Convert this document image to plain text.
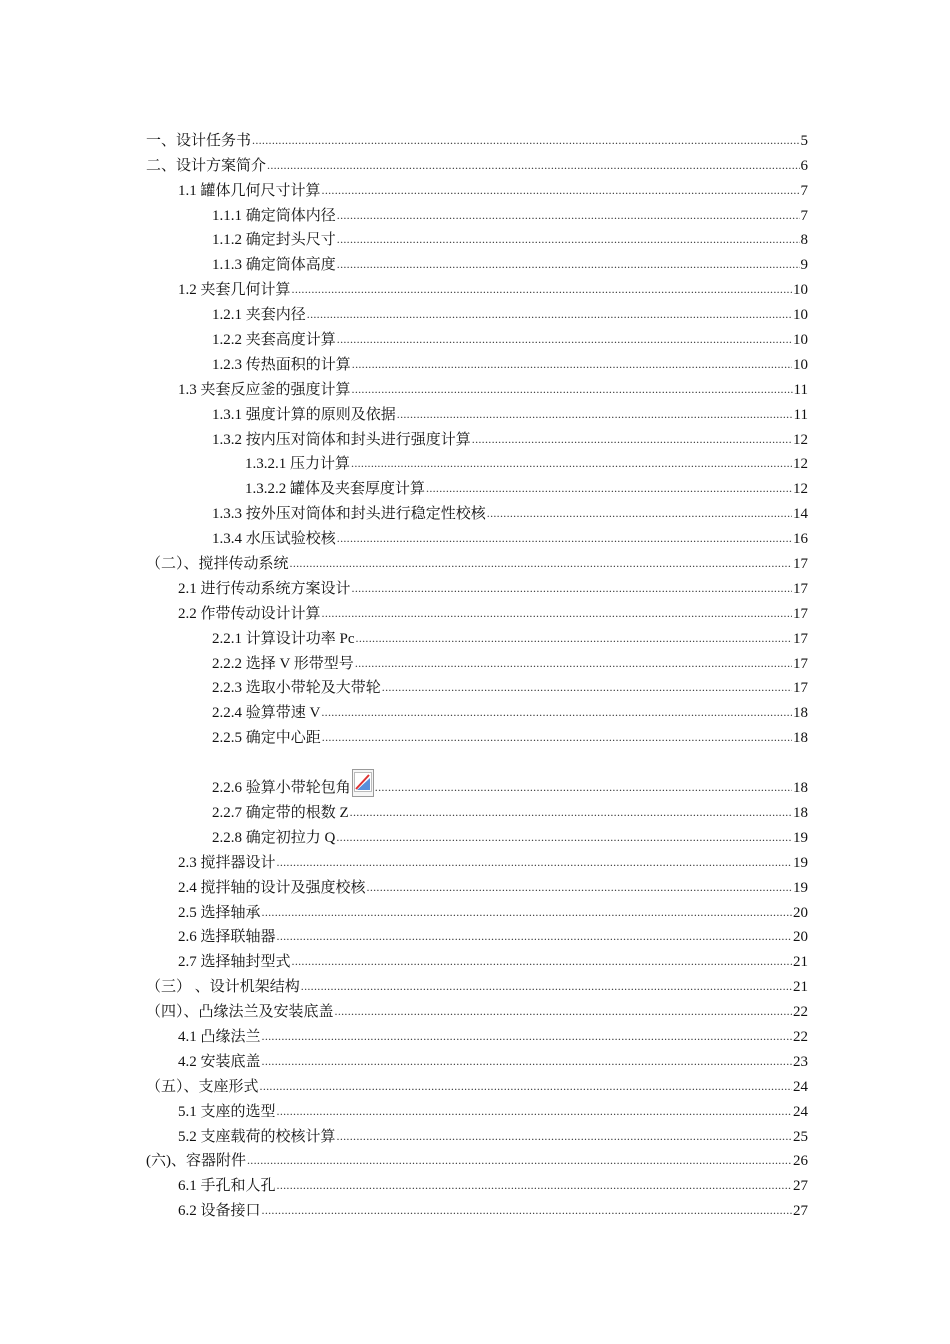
一、设计任务书 .....	5
二、设计方案简介 .....	6
1.1 罐体几何尺寸计算 .....	7
1.1.1 确定筒体内径 .....	7
1.1.2 确定封头尺寸 .....	8
1.1.3 确定筒体高度 .....	9
1.2 夹套几何计算 .....	10
1.2.1 夹套内径 .....	10
1.2.2 夹套高度计算 .....	10
1.2.3 传热面积的计算 .....	10
1.3 夹套反应釜的强度计算 .....	11
1.3.1 强度计算的原则及依据 .....	11
1.3.2 按内压对筒体和封头进行强度计算 .....	12
1.3.2.1 压力计算 .....	12
1.3.2.2 罐体及夹套厚度计算 .....	12
1.3.3 按外压对筒体和封头进行稳定性校核 .....	14
1.3.4 水压试验校核 .....	16
（二）、搅拌传动系统 .....	17
2.1 进行传动系统方案设计 .....	17
2.2 作带传动设计计算 .....	17
2.2.1 计算设计功率 Pc .....	17
2.2.2 选择 V 形带型号 .....	17
2.2.3 选取小带轮及大带轮 .....	17
2.2.4 验算带速 V .....	18
2.2.5 确定中心距 .....	18
2.2.6 验算小带轮包角 .....	18
2.2.7 确定带的根数 Z .....	18
2.2.8 确定初拉力 Q .....	19
2.3 搅拌器设计 .....	19
2.4 搅拌轴的设计及强度校核 .....	19
2.5 选择轴承 .....	20
2.6 选择联轴器 .....	20
2.7 选择轴封型式 .....	21
（三） 、设计机架结构 .....	21
（四）、凸缘法兰及安装底盖 .....	22
4.1 凸缘法兰 .....	22
4.2 安装底盖 .....	23
（五）、支座形式 .....	24
5.1 支座的选型 .....	24
5.2 支座载荷的校核计算 .....	25
(六)、容器附件 .....	26
6.1 手孔和人孔 .....	27
6.2 设备接口 .....	27
